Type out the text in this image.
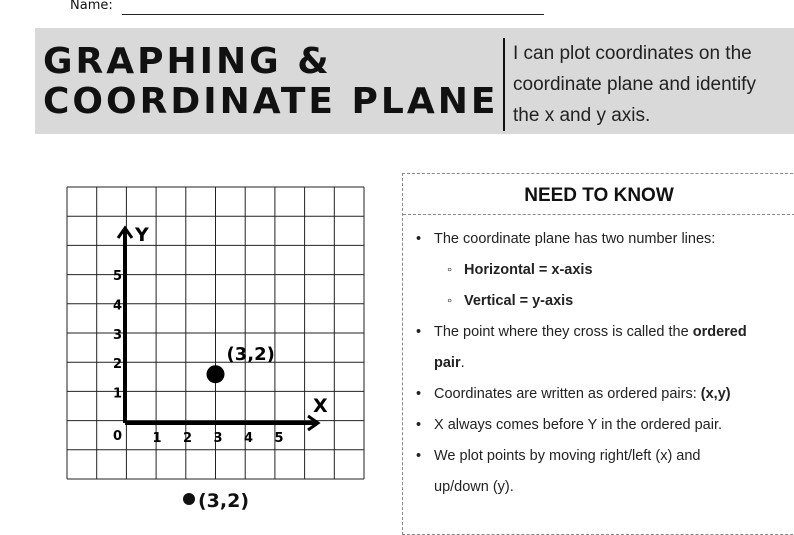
Name:
GRAPHING &
COORDINATE PLANE
I can plot coordinates on the
coordinate plane and identify
the x and y axis.
Y
X
0 1 2 3 4 5
1
2
3
4
5
(3,2)
(3,2)
NEED TO KNOW
• The coordinate plane has two number lines:
◦ Horizontal = x-axis
◦ Vertical = y-axis
• The point where they cross is called the ordered
pair.
• Coordinates are written as ordered pairs: (x,y)
• X always comes before Y in the ordered pair.
• We plot points by moving right/left (x) and
up/down (y).
